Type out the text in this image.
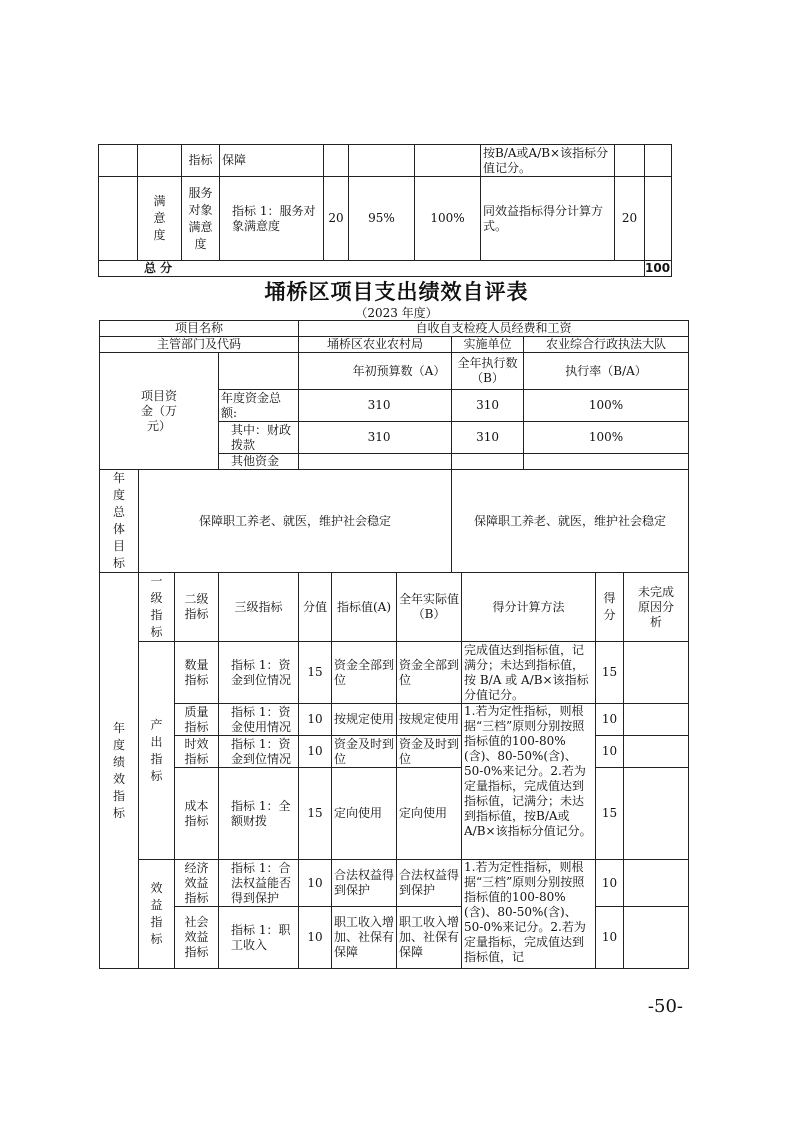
		指标	保障					按B/A或A/B×该指标分值记分。		
	满意度	服务对象满意度	指标 1：服务对象满意度	20	95%	100%		同效益指标得分计算方式。	20	
总 分									100
埇桥区项目支出绩效自评表
（2023 年度）
项目名称				自收自支检疫人员经费和工资							
主管部门及代码				埇桥区农业农村局			实施单位		农业综合行政执法大队		
项目资金（万元）				年初预算数（A）			全年执行数（B）		执行率（B/A）		
			年度资金总额:	310			310		100%		
			其中：财政拨款	310			310		100%		
			其他资金								
年度总体目标	保障职工养老、就医，维护社会稳定						保障职工养老、就医，维护社会稳定				
年度绩效指标	一级指标	二级指标	三级指标	分值	指标值(A)	全年实际值（B）		得分计算方法		得分	未完成原因分析
	产出指标	数量指标	指标 1：资金到位情况	15	资金全部到位	资金全部到位		完成值达到指标值，记满分；未达到指标值，按 B/A 或 A/B×该指标分值记分。		15	
		质量指标	指标 1：资金使用情况	10	按规定使用	按规定使用		1.若为定性指标，则根据“三档”原则分别按照指标值的100-80%(含)、80-50%(含)、50-0%来记分。2.若为定量指标，完成值达到指标值，记满分；未达到指标值，按B/A或A/B×该指标分值记分。		10	
		时效指标	指标 1：资金到位情况	10	资金及时到位	资金及时到位				10	
		成本指标	指标 1：全额财拨	15	定向使用	定向使用				15	
	效益指标	经济效益指标	指标 1：合法权益能否得到保护	10	合法权益得到保护	合法权益得到保护		1.若为定性指标，则根据“三档”原则分别按照指标值的100-80%(含)、80-50%(含)、50-0%来记分。2.若为定量指标，完成值达到指标值，记		10	
		社会效益指标	指标 1：职工收入	10	职工收入增加、社保有保障	职工收入增加、社保有保障				10	
-50-
